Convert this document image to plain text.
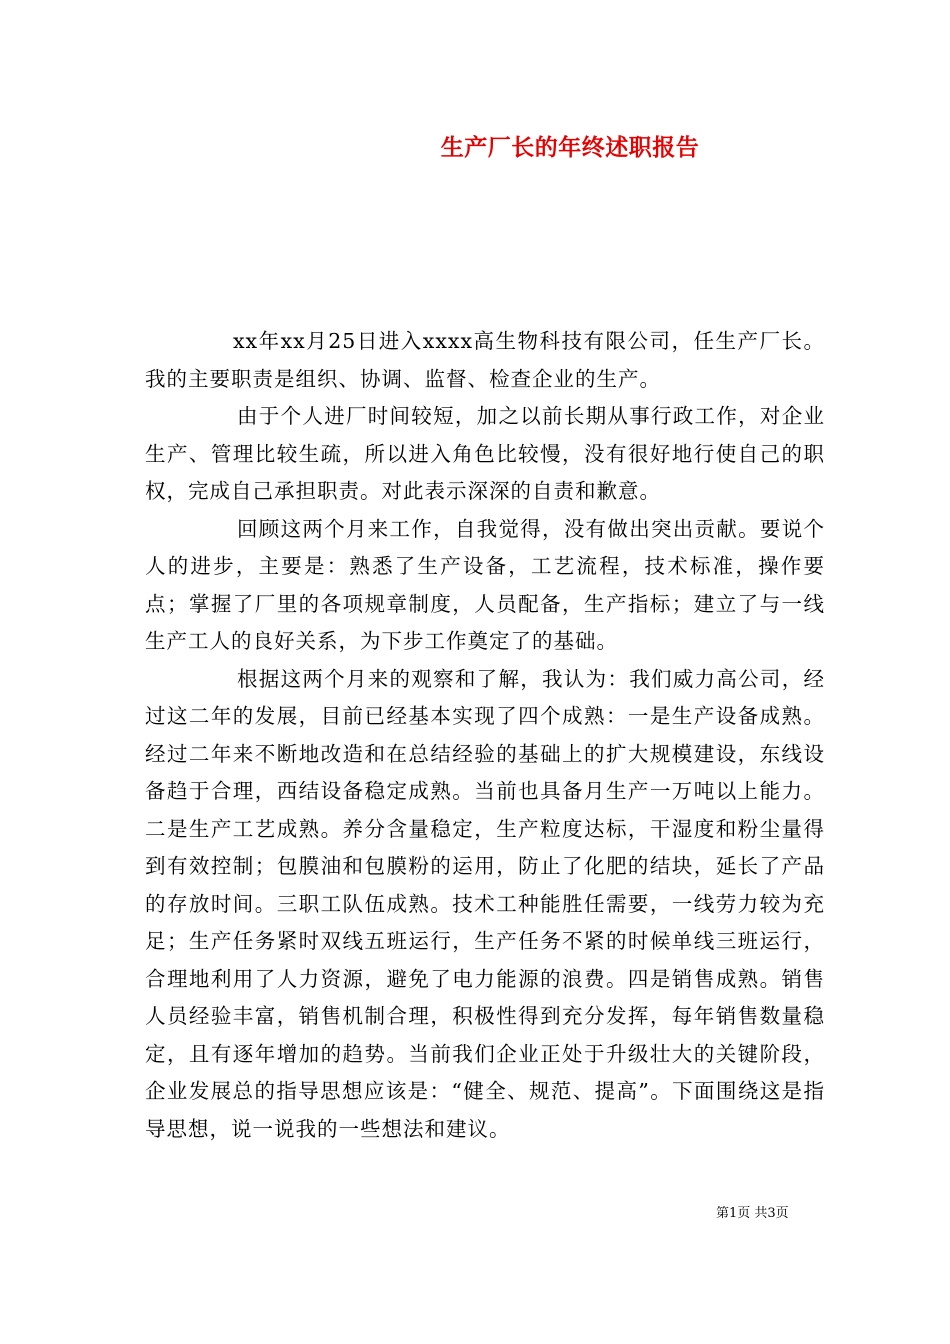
生产厂长的年终述职报告

xx年xx月25日进入xxxx高生物科技有限公司，任生产厂长。我的主要职责是组织、协调、监督、检查企业的生产。

由于个人进厂时间较短，加之以前长期从事行政工作，对企业生产、管理比较生疏，所以进入角色比较慢，没有很好地行使自己的职权，完成自己承担职责。对此表示深深的自责和歉意。

回顾这两个月来工作，自我觉得，没有做出突出贡献。要说个人的进步，主要是：熟悉了生产设备，工艺流程，技术标准，操作要点；掌握了厂里的各项规章制度，人员配备，生产指标；建立了与一线生产工人的良好关系，为下步工作奠定了的基础。

根据这两个月来的观察和了解，我认为：我们威力高公司，经过这二年的发展，目前已经基本实现了四个成熟：一是生产设备成熟。经过二年来不断地改造和在总结经验的基础上的扩大规模建设，东线设备趋于合理，西结设备稳定成熟。当前也具备月生产一万吨以上能力。二是生产工艺成熟。养分含量稳定，生产粒度达标，干湿度和粉尘量得到有效控制；包膜油和包膜粉的运用，防止了化肥的结块，延长了产品的存放时间。三职工队伍成熟。技术工种能胜任需要，一线劳力较为充足；生产任务紧时双线五班运行，生产任务不紧的时候单线三班运行，合理地利用了人力资源，避免了电力能源的浪费。四是销售成熟。销售人员经验丰富，销售机制合理，积极性得到充分发挥，每年销售数量稳定，且有逐年增加的趋势。当前我们企业正处于升级壮大的关键阶段，企业发展总的指导思想应该是：“健全、规范、提高”。下面围绕这是指导思想，说一说我的一些想法和建议。

第1页 共3页
